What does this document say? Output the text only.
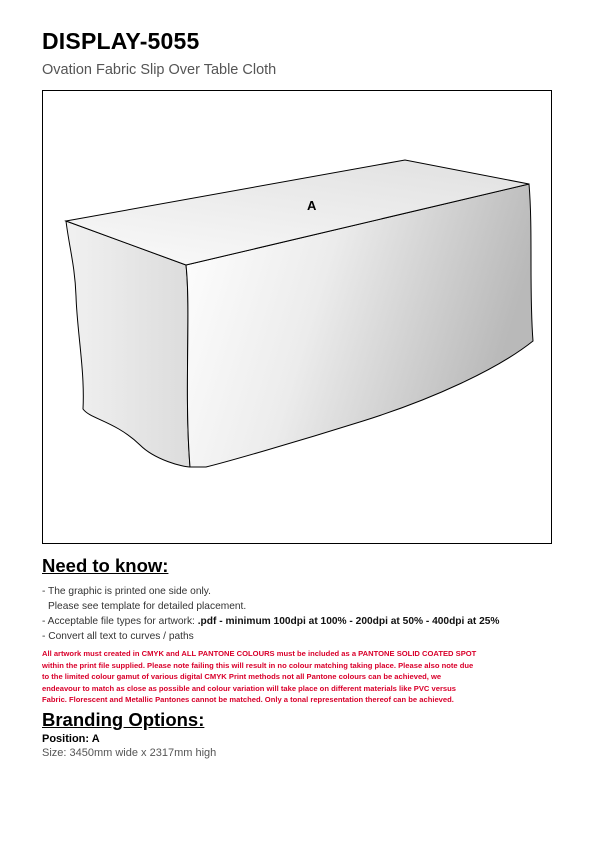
DISPLAY-5055
Ovation Fabric Slip Over Table Cloth
A
Need to know:
- The graphic is printed one side only.
Please see template for detailed placement.
- Acceptable file types for artwork: .pdf - minimum 100dpi at 100% - 200dpi at 50% - 400dpi at 25%
- Convert all text to curves / paths
All artwork must created in CMYK and ALL PANTONE COLOURS must be included as a PANTONE SOLID COATED SPOT
within the print file supplied. Please note failing this will result in no colour matching taking place. Please also note due
to the limited colour gamut of various digital CMYK Print methods not all Pantone colours can be achieved, we
endeavour to match as close as possible and colour variation will take place on different materials like PVC versus
Fabric. Florescent and Metallic Pantones cannot be matched. Only a tonal representation thereof can be achieved.
Branding Options:
Position: A
Size: 3450mm wide x 2317mm high
